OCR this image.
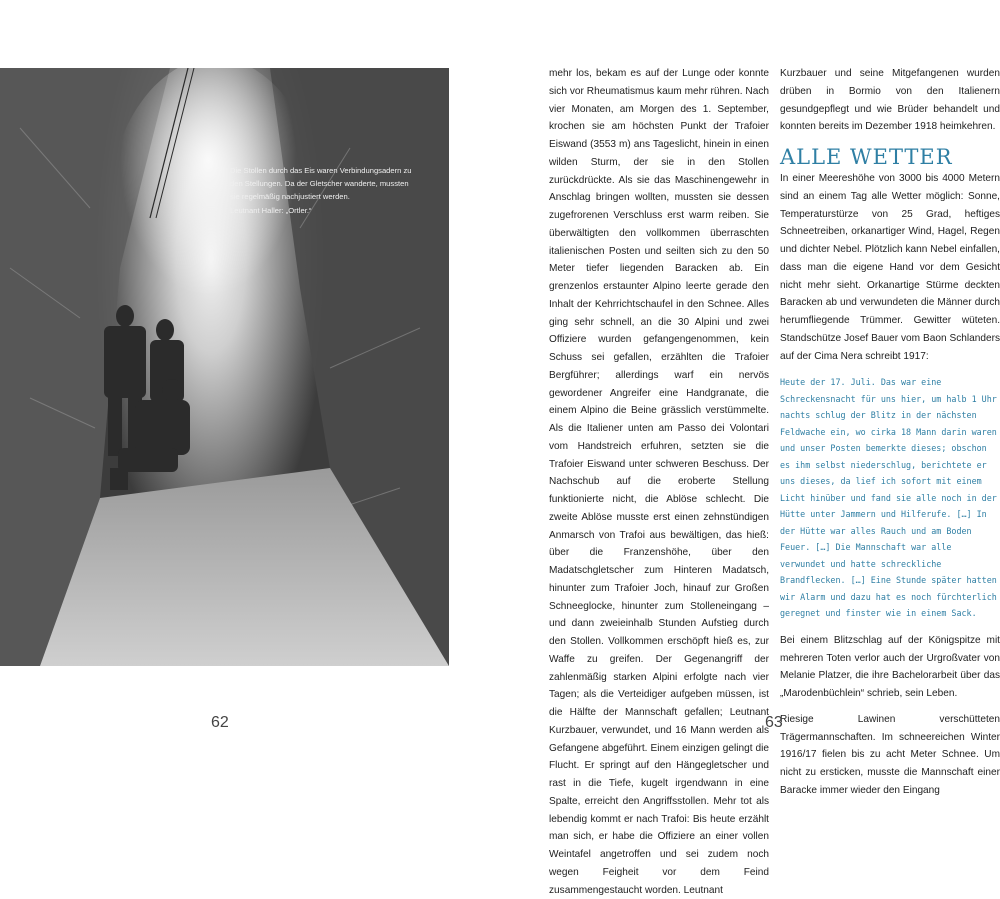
Die Stollen durch das Eis waren Verbindungsadern zu den Stellungen. Da der Gletscher wanderte, mussten sie regelmäßig nachjustiert werden.

Leutnant Haller: „Ortler.“

62

mehr los, bekam es auf der Lunge oder konnte sich vor Rheumatismus kaum mehr rühren. Nach vier Monaten, am Morgen des 1. September, krochen sie am höchsten Punkt der Trafoier Eiswand (3553 m) ans Tageslicht, hinein in einen wilden Sturm, der sie in den Stollen zurückdrückte. Als sie das Maschinengewehr in Anschlag bringen wollten, mussten sie dessen zugefrorenen Verschluss erst warm reiben. Sie überwältigten den vollkommen überraschten italienischen Posten und seilten sich zu den 50 Meter tiefer liegenden Baracken ab. Ein grenzenlos erstaunter Alpino leerte gerade den Inhalt der Kehrrichtschaufel in den Schnee. Alles ging sehr schnell, an die 30 Alpini und zwei Offiziere wurden gefangengenommen, kein Schuss sei gefallen, erzählten die Trafoier Bergführer; allerdings warf ein nervös gewordener Angreifer eine Handgranate, die einem Alpino die Beine grässlich verstümmelte. Als die Italiener unten am Passo dei Volontari vom Handstreich erfuhren, setzten sie die Trafoier Eiswand unter schweren Beschuss. Der Nachschub auf die eroberte Stellung funktionierte nicht, die Ablöse schlecht. Die zweite Ablöse musste erst einen zehnstündigen Anmarsch von Trafoi aus bewältigen, das hieß: über die Franzenshöhe, über den Madatschgletscher zum Hinteren Madatsch, hinunter zum Trafoier Joch, hinauf zur Großen Schneeglocke, hinunter zum Stolleneingang – und dann zweieinhalb Stunden Aufstieg durch den Stollen. Vollkommen erschöpft hieß es, zur Waffe zu greifen. Der Gegenangriff der zahlenmäßig starken Alpini erfolgte nach vier Tagen; als die Verteidiger aufgeben müssen, ist die Hälfte der Mannschaft gefallen; Leutnant Kurzbauer, verwundet, und 16 Mann werden als Gefangene abgeführt. Einem einzigen gelingt die Flucht. Er springt auf den Hängegletscher und rast in die Tiefe, kugelt irgendwann in eine Spalte, erreicht den Angriffsstollen. Mehr tot als lebendig kommt er nach Trafoi: Bis heute erzählt man sich, er habe die Offiziere an einer vollen Weintafel angetroffen und sei zudem noch wegen Feigheit vor dem Feind zusammengestaucht worden. Leutnant

Kurzbauer und seine Mitgefangenen wurden drüben in Bormio von den Italienern gesundgepflegt und wie Brüder behandelt und konnten bereits im Dezember 1918 heimkehren.

ALLE WETTER

In einer Meereshöhe von 3000 bis 4000 Metern sind an einem Tag alle Wetter möglich: Sonne, Temperaturstürze von 25 Grad, heftiges Schneetreiben, orkanartiger Wind, Hagel, Regen und dichter Nebel. Plötzlich kann Nebel einfallen, dass man die eigene Hand vor dem Gesicht nicht mehr sieht. Orkanartige Stürme deckten Baracken ab und verwundeten die Männer durch herumfliegende Trümmer. Gewitter wüteten. Standschütze Josef Bauer vom Baon Schlanders auf der Cima Nera schreibt 1917:

Heute der 17. Juli. Das war eine Schreckensnacht für uns hier, um halb 1 Uhr nachts schlug der Blitz in der nächsten Feldwache ein, wo cirka 18 Mann darin waren und unser Posten bemerkte dieses; obschon es ihm selbst niederschlug, berichtete er uns dieses, da lief ich sofort mit einem Licht hinüber und fand sie alle noch in der Hütte unter Jammern und Hilferufe. […] In der Hütte war alles Rauch und am Boden Feuer. […] Die Mannschaft war alle verwundet und hatte schreckliche Brandflecken. […] Eine Stunde später hatten wir Alarm und dazu hat es noch fürchterlich geregnet und finster wie in einem Sack.

Bei einem Blitzschlag auf der Königspitze mit mehreren Toten verlor auch der Urgroßvater von Melanie Platzer, die ihre Bachelorarbeit über das „Marodenbüchlein“ schrieb, sein Leben.

Riesige Lawinen verschütteten Trägermannschaften. Im schneereichen Winter 1916/17 fielen bis zu acht Meter Schnee. Um nicht zu ersticken, musste die Mannschaft einer Baracke immer wieder den Eingang

63
